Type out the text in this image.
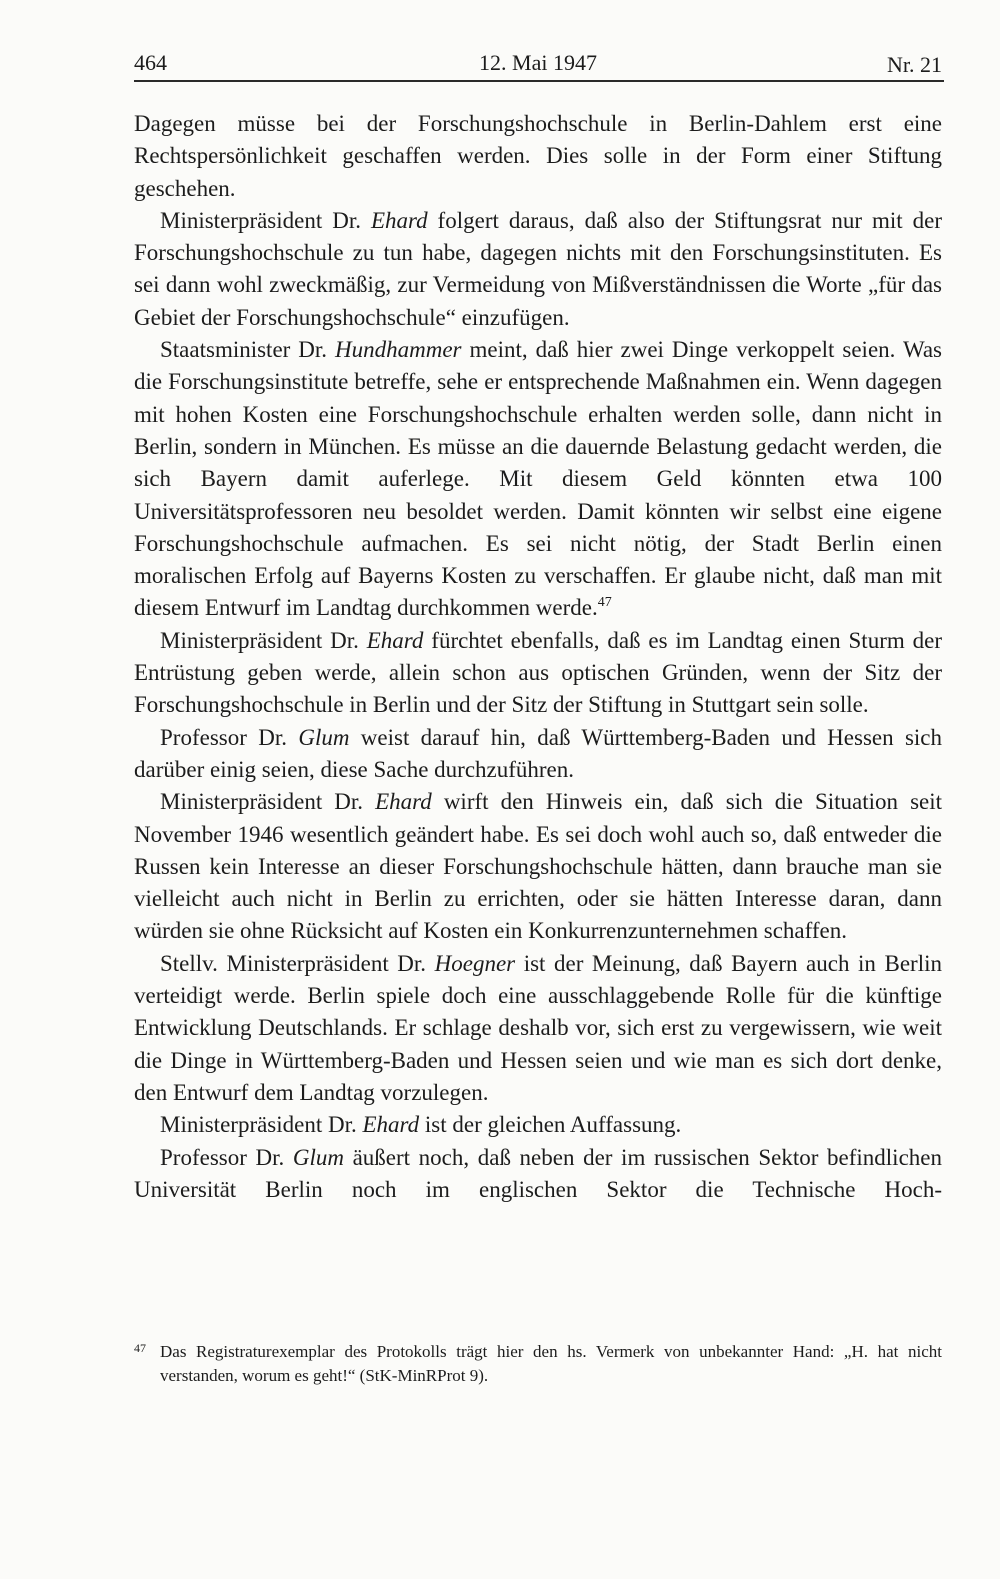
464	12. Mai 1947	Nr. 21

Dagegen müsse bei der Forschungshochschule in Berlin-Dahlem erst eine Rechtspersönlichkeit geschaffen werden. Dies solle in der Form einer Stiftung geschehen.

Ministerpräsident Dr. Ehard folgert daraus, daß also der Stiftungsrat nur mit der Forschungshochschule zu tun habe, dagegen nichts mit den Forschungsinstituten. Es sei dann wohl zweckmäßig, zur Vermeidung von Mißverständnissen die Worte „für das Gebiet der Forschungshochschule“ einzufügen.

Staatsminister Dr. Hundhammer meint, daß hier zwei Dinge verkoppelt seien. Was die Forschungsinstitute betreffe, sehe er entsprechende Maßnahmen ein. Wenn dagegen mit hohen Kosten eine Forschungshochschule erhalten werden solle, dann nicht in Berlin, sondern in München. Es müsse an die dauernde Belastung gedacht werden, die sich Bayern damit auferlege. Mit diesem Geld könnten etwa 100 Universitätsprofessoren neu besoldet werden. Damit könnten wir selbst eine eigene Forschungshochschule aufmachen. Es sei nicht nötig, der Stadt Berlin einen moralischen Erfolg auf Bayerns Kosten zu verschaffen. Er glaube nicht, daß man mit diesem Entwurf im Landtag durchkommen werde.$^{47}$

Ministerpräsident Dr. Ehard fürchtet ebenfalls, daß es im Landtag einen Sturm der Entrüstung geben werde, allein schon aus optischen Gründen, wenn der Sitz der Forschungshochschule in Berlin und der Sitz der Stiftung in Stuttgart sein solle.

Professor Dr. Glum weist darauf hin, daß Württemberg-Baden und Hessen sich darüber einig seien, diese Sache durchzuführen.

Ministerpräsident Dr. Ehard wirft den Hinweis ein, daß sich die Situation seit November 1946 wesentlich geändert habe. Es sei doch wohl auch so, daß entweder die Russen kein Interesse an dieser Forschungshochschule hätten, dann brauche man sie vielleicht auch nicht in Berlin zu errichten, oder sie hätten Interesse daran, dann würden sie ohne Rücksicht auf Kosten ein Konkurrenzunternehmen schaffen.

Stellv. Ministerpräsident Dr. Hoegner ist der Meinung, daß Bayern auch in Berlin verteidigt werde. Berlin spiele doch eine ausschlaggebende Rolle für die künftige Entwicklung Deutschlands. Er schlage deshalb vor, sich erst zu vergewissern, wie weit die Dinge in Württemberg-Baden und Hessen seien und wie man es sich dort denke, den Entwurf dem Landtag vorzulegen.

Ministerpräsident Dr. Ehard ist der gleichen Auffassung.

Professor Dr. Glum äußert noch, daß neben der im russischen Sektor befindlichen Universität Berlin noch im englischen Sektor die Technische Hoch-

47 Das Registraturexemplar des Protokolls trägt hier den hs. Vermerk von unbekannter Hand: „H. hat nicht verstanden, worum es geht!“ (StK-MinRProt 9).
